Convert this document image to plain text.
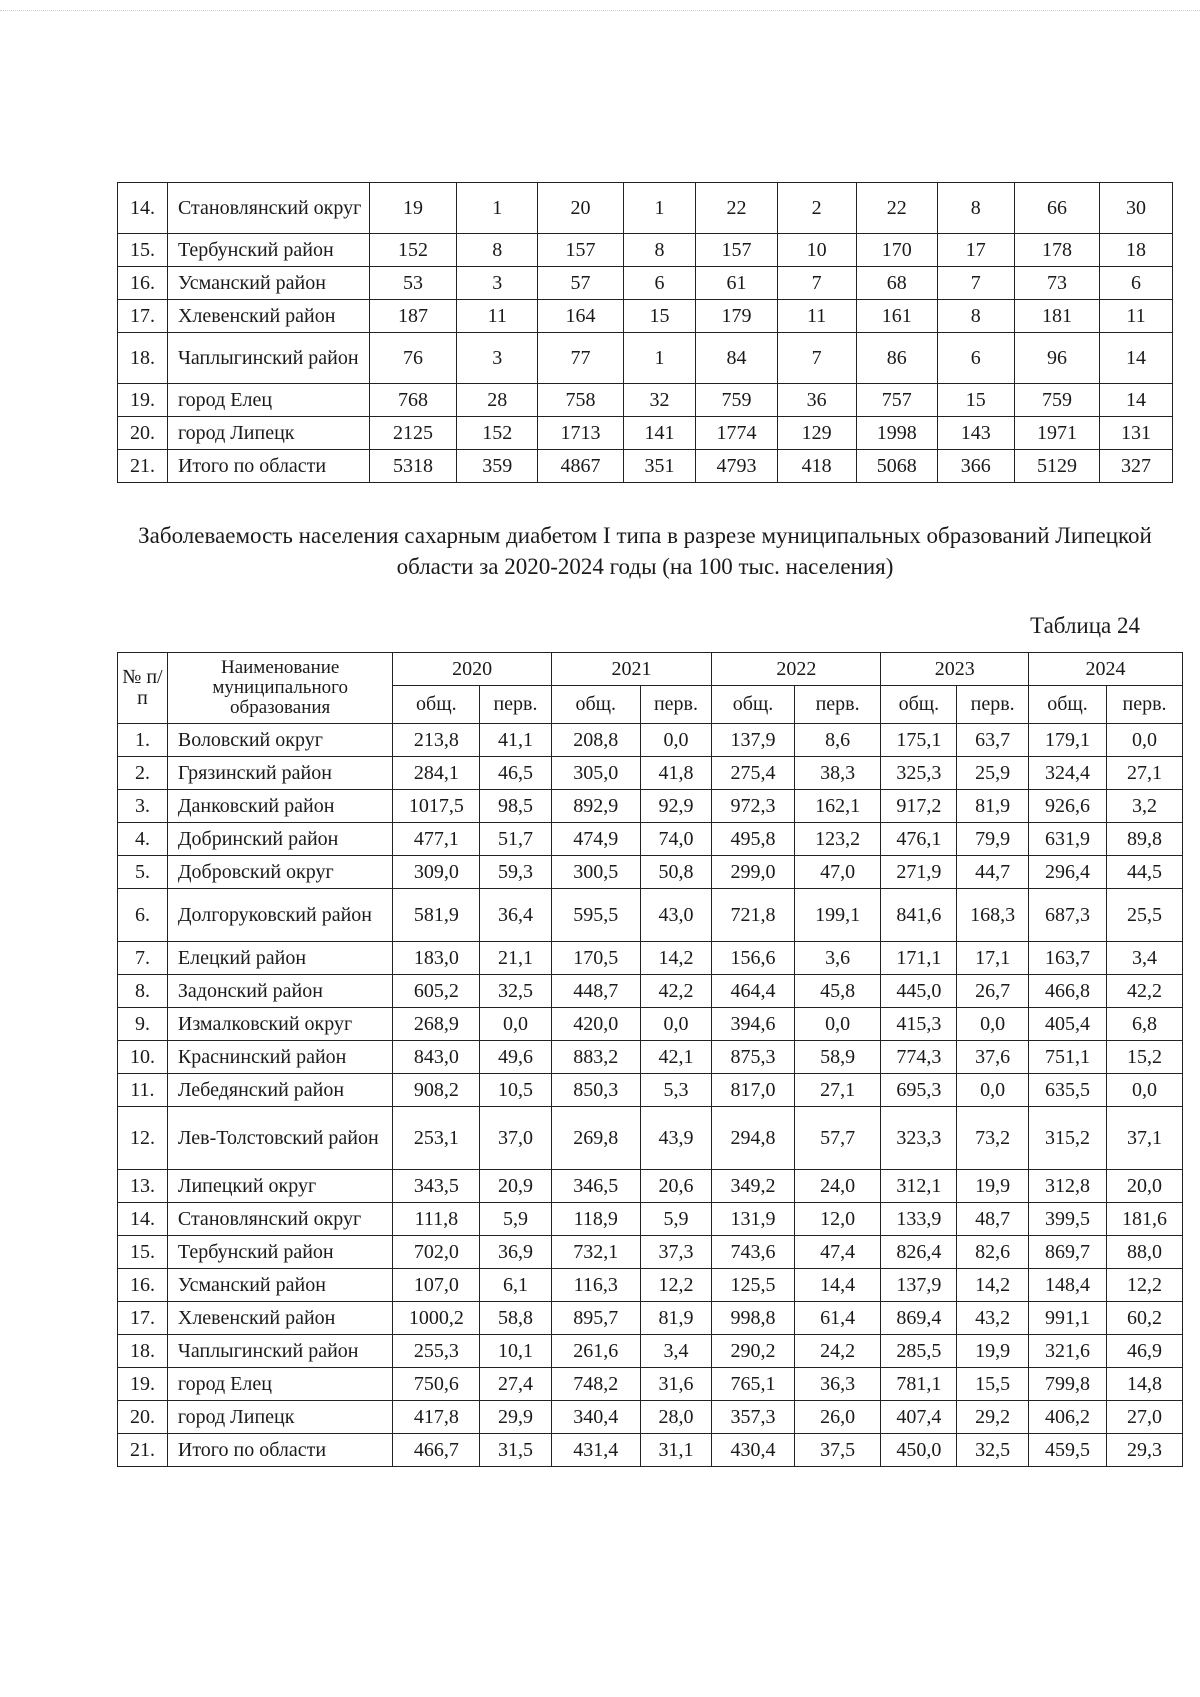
14.	Становлянский округ	19	1	20	1	22	2	22	8	66	30
15.	Тербунский район	152	8	157	8	157	10	170	17	178	18
16.	Усманский район	53	3	57	6	61	7	68	7	73	6
17.	Хлевенский район	187	11	164	15	179	11	161	8	181	11
18.	Чаплыгинский район	76	3	77	1	84	7	86	6	96	14
19.	город Елец	768	28	758	32	759	36	757	15	759	14
20.	город Липецк	2125	152	1713	141	1774	129	1998	143	1971	131
21.	Итого по области	5318	359	4867	351	4793	418	5068	366	5129	327
Заболеваемость населения сахарным диабетом I типа в разрезе муниципальных образований Липецкой области за 2020-2024 годы (на 100 тыс. населения)
Таблица 24
№ п/п	Наименование муниципального образования	2020		2021		2022		2023		2024	
		общ.	перв.	общ.	перв.	общ.	перв.	общ.	перв.	общ.	перв.
1.	Воловский округ	213,8	41,1	208,8	0,0	137,9	8,6	175,1	63,7	179,1	0,0
2.	Грязинский район	284,1	46,5	305,0	41,8	275,4	38,3	325,3	25,9	324,4	27,1
3.	Данковский район	1017,5	98,5	892,9	92,9	972,3	162,1	917,2	81,9	926,6	3,2
4.	Добринский район	477,1	51,7	474,9	74,0	495,8	123,2	476,1	79,9	631,9	89,8
5.	Добровский округ	309,0	59,3	300,5	50,8	299,0	47,0	271,9	44,7	296,4	44,5
6.	Долгоруковский район	581,9	36,4	595,5	43,0	721,8	199,1	841,6	168,3	687,3	25,5
7.	Елецкий район	183,0	21,1	170,5	14,2	156,6	3,6	171,1	17,1	163,7	3,4
8.	Задонский район	605,2	32,5	448,7	42,2	464,4	45,8	445,0	26,7	466,8	42,2
9.	Измалковский округ	268,9	0,0	420,0	0,0	394,6	0,0	415,3	0,0	405,4	6,8
10.	Краснинский район	843,0	49,6	883,2	42,1	875,3	58,9	774,3	37,6	751,1	15,2
11.	Лебедянский район	908,2	10,5	850,3	5,3	817,0	27,1	695,3	0,0	635,5	0,0
12.	Лев-Толстовский район	253,1	37,0	269,8	43,9	294,8	57,7	323,3	73,2	315,2	37,1
13.	Липецкий округ	343,5	20,9	346,5	20,6	349,2	24,0	312,1	19,9	312,8	20,0
14.	Становлянский округ	111,8	5,9	118,9	5,9	131,9	12,0	133,9	48,7	399,5	181,6
15.	Тербунский район	702,0	36,9	732,1	37,3	743,6	47,4	826,4	82,6	869,7	88,0
16.	Усманский район	107,0	6,1	116,3	12,2	125,5	14,4	137,9	14,2	148,4	12,2
17.	Хлевенский район	1000,2	58,8	895,7	81,9	998,8	61,4	869,4	43,2	991,1	60,2
18.	Чаплыгинский район	255,3	10,1	261,6	3,4	290,2	24,2	285,5	19,9	321,6	46,9
19.	город Елец	750,6	27,4	748,2	31,6	765,1	36,3	781,1	15,5	799,8	14,8
20.	город Липецк	417,8	29,9	340,4	28,0	357,3	26,0	407,4	29,2	406,2	27,0
21.	Итого по области	466,7	31,5	431,4	31,1	430,4	37,5	450,0	32,5	459,5	29,3
